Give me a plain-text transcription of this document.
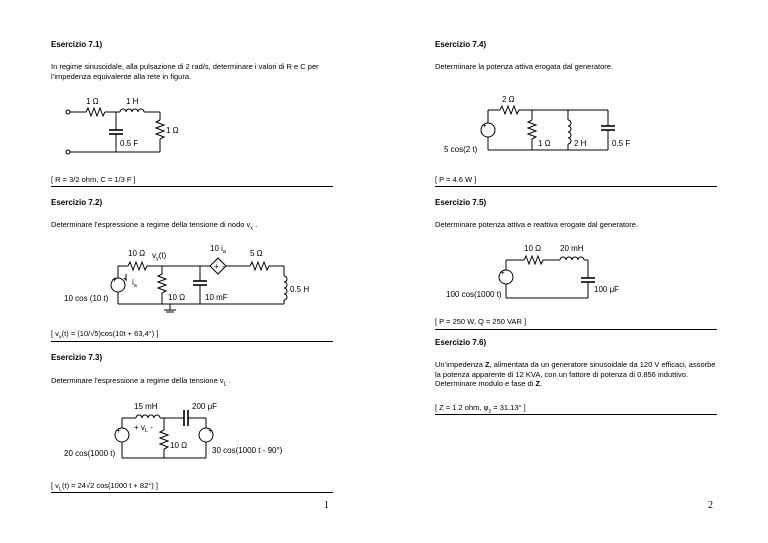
Esercizio 7.1)

In regime sinusoidale, alla pulsazione di 2 rad/s, determinare i valori di R e C per l’impedenza equivalente alla rete in figura.

1 Ω	1 H
0.5 F
1 Ω

[ R = 3/2 ohm, C = 1/3 F ]

Esercizio 7.2)

Determinare l’espressione a regime della tensione di nodo $v_x$ .

+
+ -
10 Ω $v_y(t)$
10 $i_a$	5 Ω
$i_a$
10 Ω 10 mF
0.5 H
10 cos (10 t)

[ $v_x(t) = (10/√5)\cos(10t + 63,4^\circ)$ ]

Esercizio 7.3)

Determinare l’espressione a regime della tensione $v_L$ .

+	+
15 mH	200 μF
+ $v_L$ -
10 Ω
20 cos(1000 t)	30 cos(1000 t - 90°)

[ $v_L(t) = 24√2$ cos(1000 t + 82°) ]

1

Esercizio 7.4)

Determinare la potenza attiva erogata dal generatore.

+
2 Ω
5 cos(2 t)
1 Ω	2 H	0.5 F

[ P = 4.6 W ]

Esercizio 7.5)

Determinare potenza attiva e reattiva erogate dal generatore.

+
10 Ω 20 mH
100 cos(1000 t)
100 μF

[ P = 250 W, Q = 250 VAR ]

Esercizio 7.6)

Un’impedenza Z, alimentata da un generatore sinusoidale da 120 V efficaci, assorbe la potenza apparente di 12 KVA, con un fattore di potenza di 0.856 induttivo. Determinare modulo e fase di Z.

[ Z = 1.2 ohm, $\varphi_z = 31.13^\circ$ ]

2
